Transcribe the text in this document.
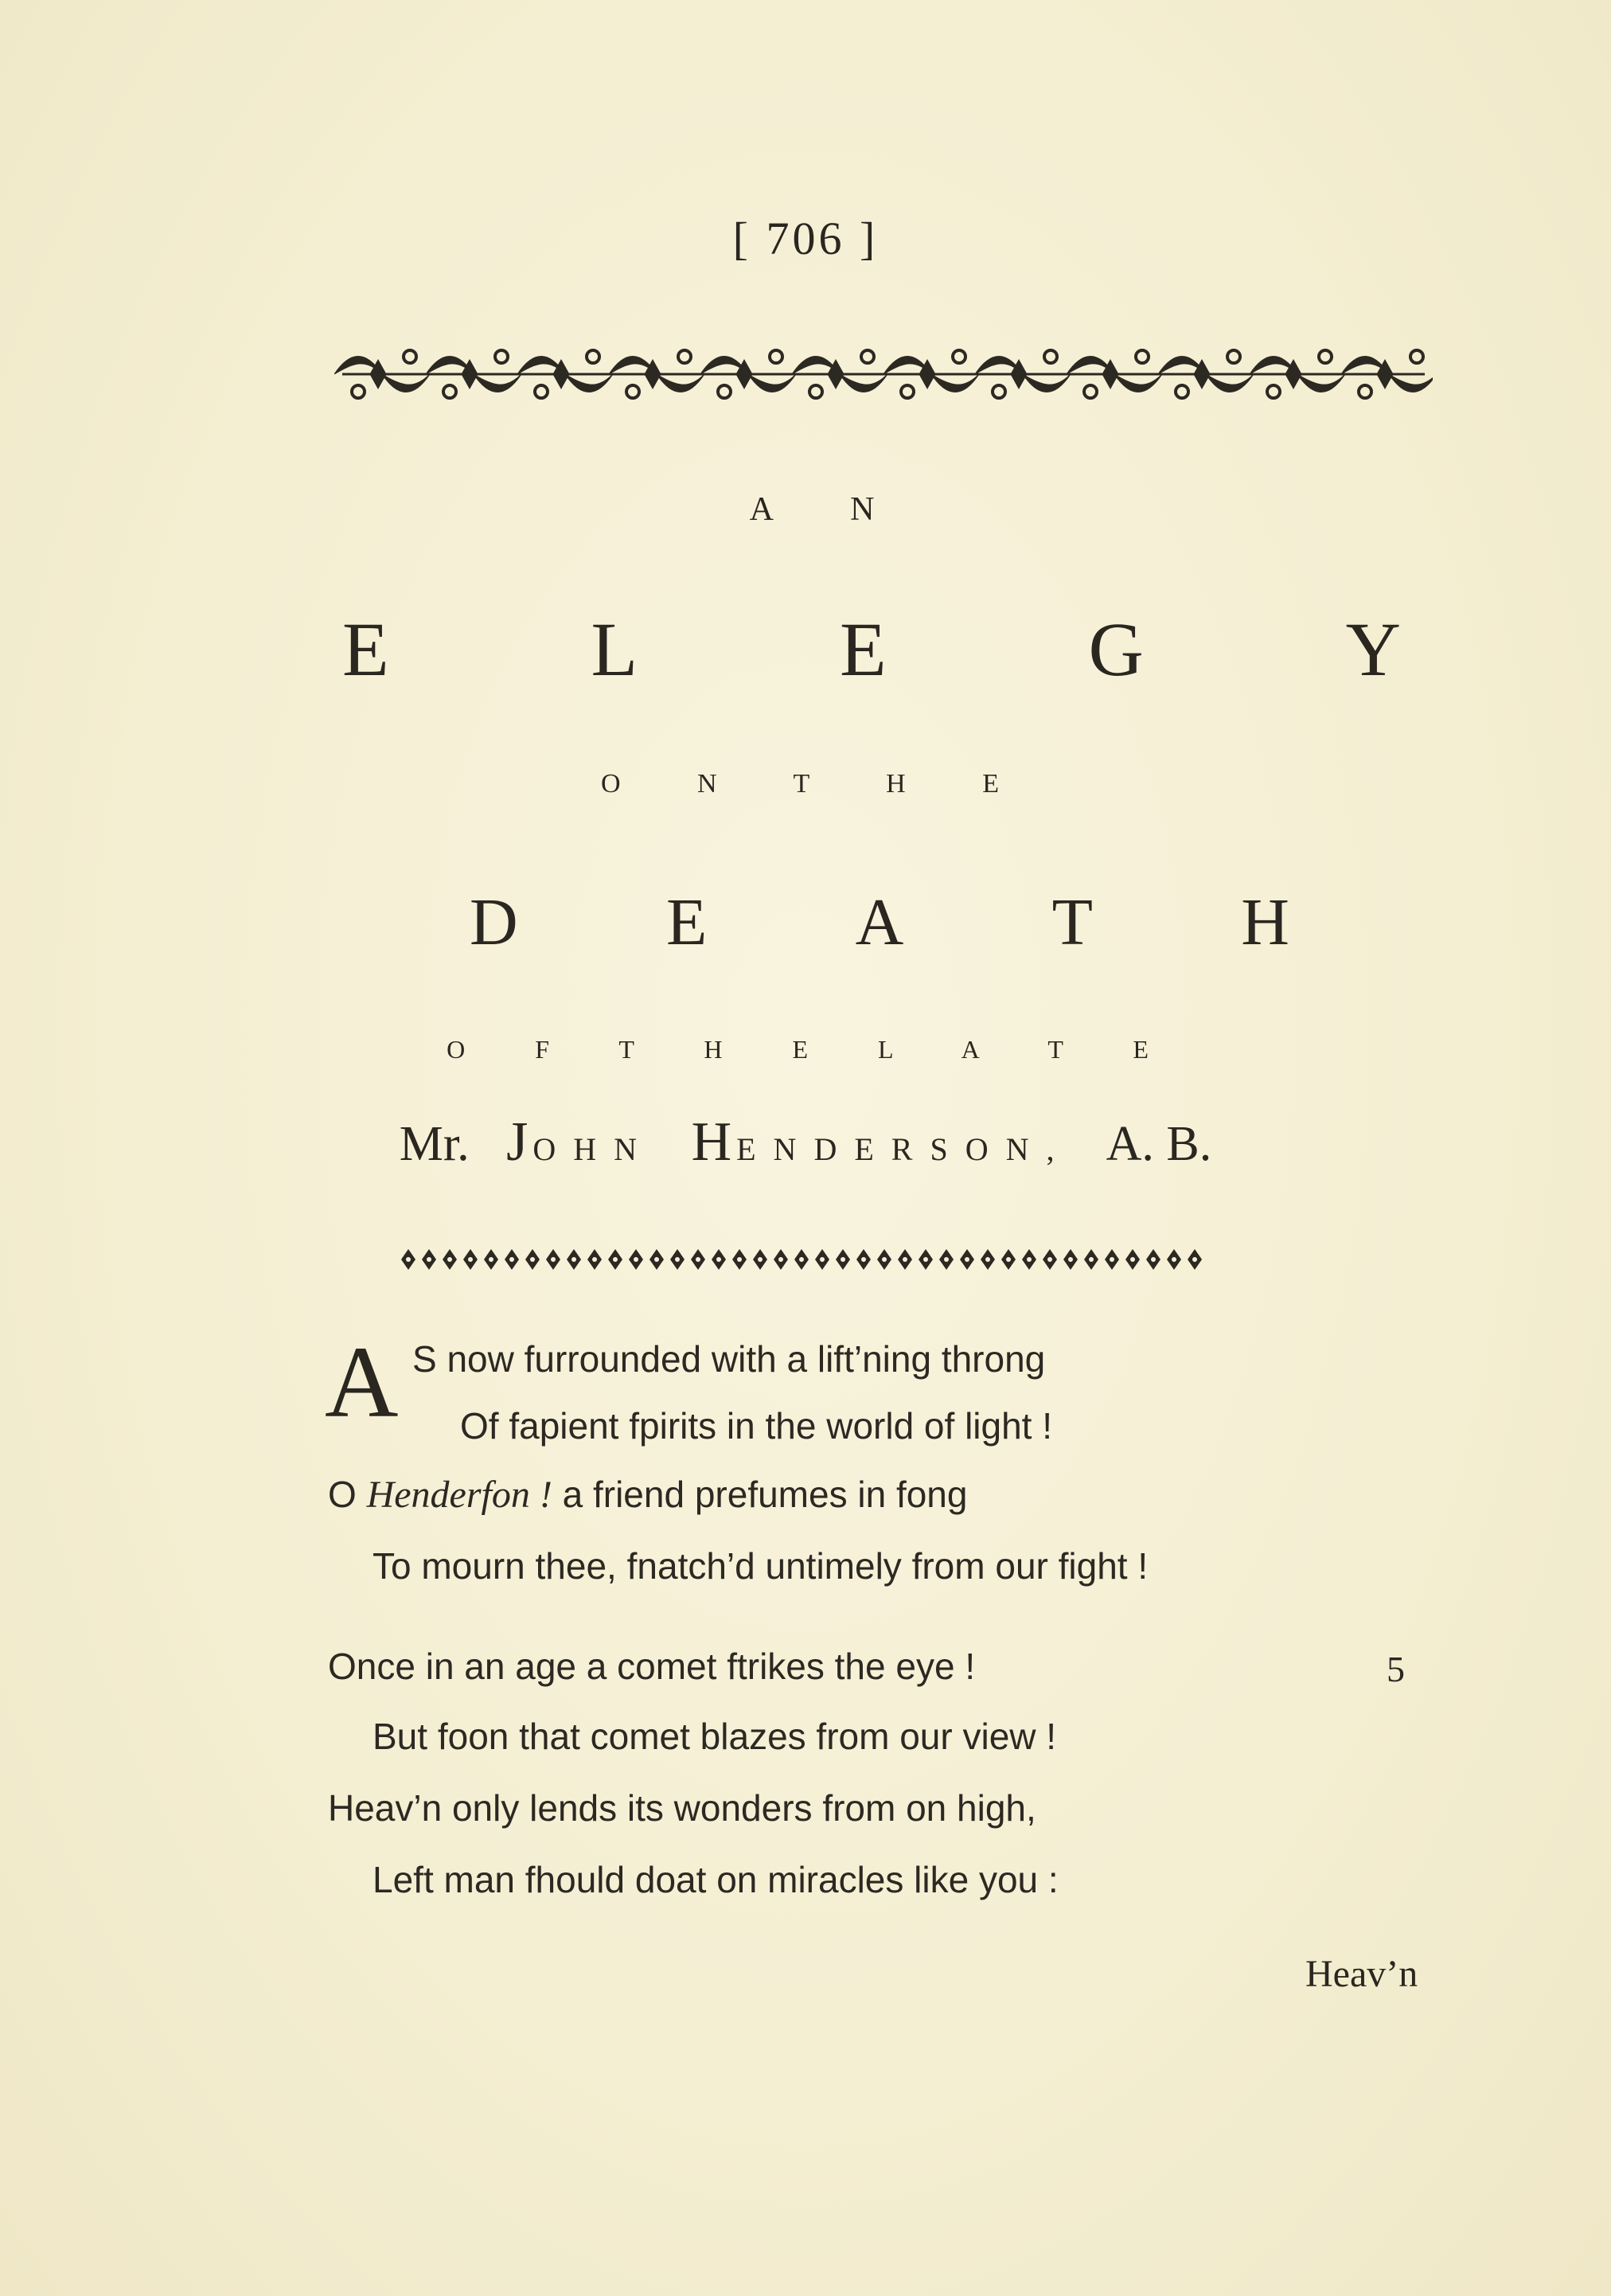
[ 706 ]
A N
E	L	E	G	Y
O N T H E
D E A T H
O F T H E L A T E
Mr. JOHN HENDERSON, A. B.
A S now furrounded with a lift’ning throng
Of fapient fpirits in the world of light !
O Henderfon ! a friend prefumes in fong
To mourn thee, fnatch’d untimely from our fight !
Once in an age a comet ftrikes the eye !
But foon that comet blazes from our view !
Heav’n only lends its wonders from on high,
Left man fhould doat on miracles like you :
5
Heav’n
